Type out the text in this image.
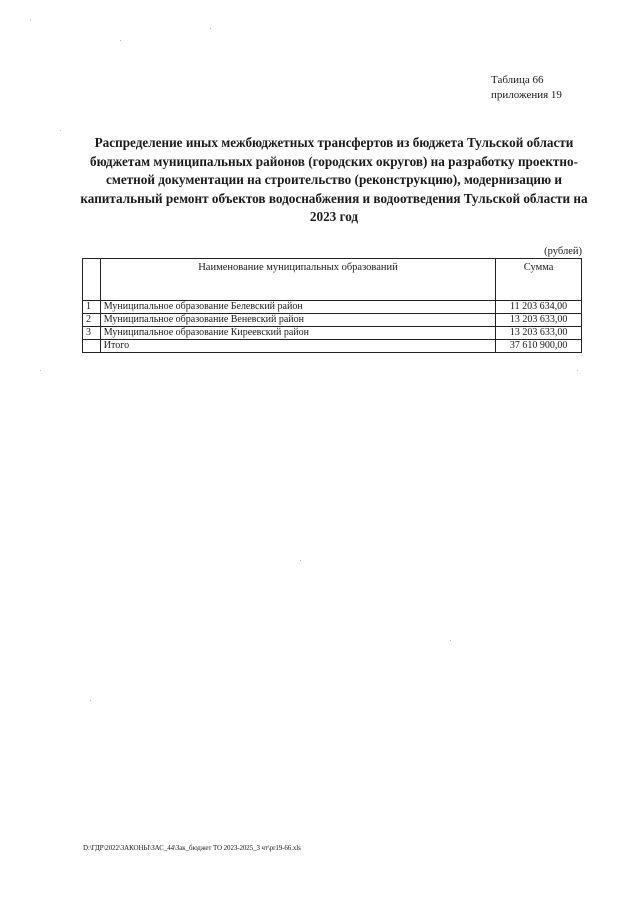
Таблица 66
приложения 19
Распределение иных межбюджетных трансфертов из бюджета Тульской области бюджетам муниципальных районов (городских округов) на разработку проектно-сметной документации на строительство (реконструкцию), модернизацию и капитальный ремонт объектов водоснабжения и водоотведения Тульской области на 2023 год
(рублей)
	Наименование муниципальных образований	Сумма
1	Муниципальное образование Белевский район	11 203 634,00
2	Муниципальное образование Веневский район	13 203 633,00
3	Муниципальное образование Киреевский район	13 203 633,00
	Итого	37 610 900,00
D:\ГДР\2022\ЗАКОНЫ\ЗАС_44\Зак_бюджет ТО 2023-2025_3 чт\pr19-66.xls
